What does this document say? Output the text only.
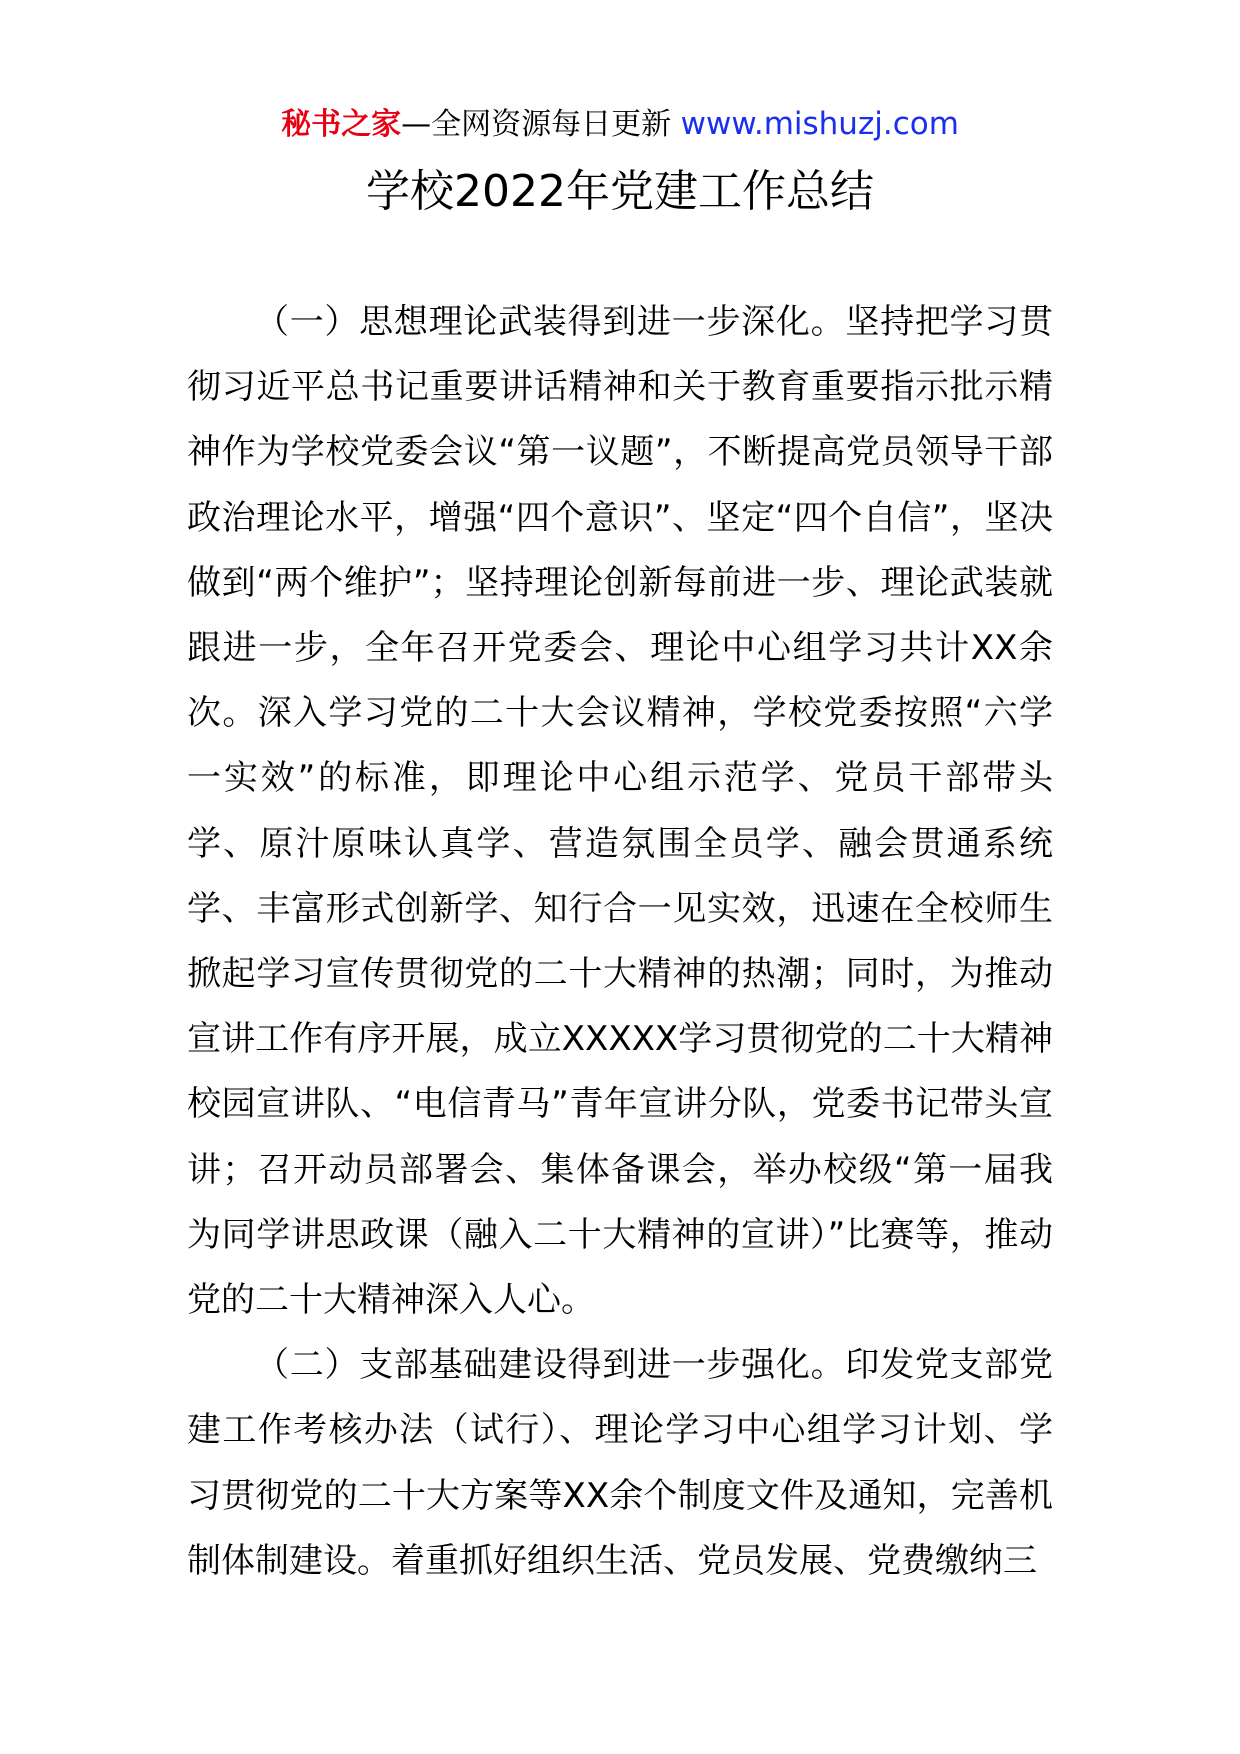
秘书之家—全网资源每日更新 www.mishuzj.com
学校2022年党建工作总结

（一）思想理论武装得到进一步深化。坚持把学习贯彻习近平总书记重要讲话精神和关于教育重要指示批示精神作为学校党委会议“第一议题”，不断提高党员领导干部政治理论水平，增强“四个意识”、坚定“四个自信”，坚决做到“两个维护”；坚持理论创新每前进一步、理论武装就跟进一步，全年召开党委会、理论中心组学习共计XX余次。深入学习党的二十大会议精神，学校党委按照“六学一实效”的标准，即理论中心组示范学、党员干部带头学、原汁原味认真学、营造氛围全员学、融会贯通系统学、丰富形式创新学、知行合一见实效，迅速在全校师生掀起学习宣传贯彻党的二十大精神的热潮；同时，为推动宣讲工作有序开展，成立XXXXX学习贯彻党的二十大精神校园宣讲队、“电信青马”青年宣讲分队，党委书记带头宣讲；召开动员部署会、集体备课会，举办校级“第一届我为同学讲思政课（融入二十大精神的宣讲）”比赛等，推动党的二十大精神深入人心。

（二）支部基础建设得到进一步强化。印发党支部党建工作考核办法（试行）、理论学习中心组学习计划、学习贯彻党的二十大方案等XX余个制度文件及通知，完善机制体制建设。着重抓好组织生活、党员发展、党费缴纳三
